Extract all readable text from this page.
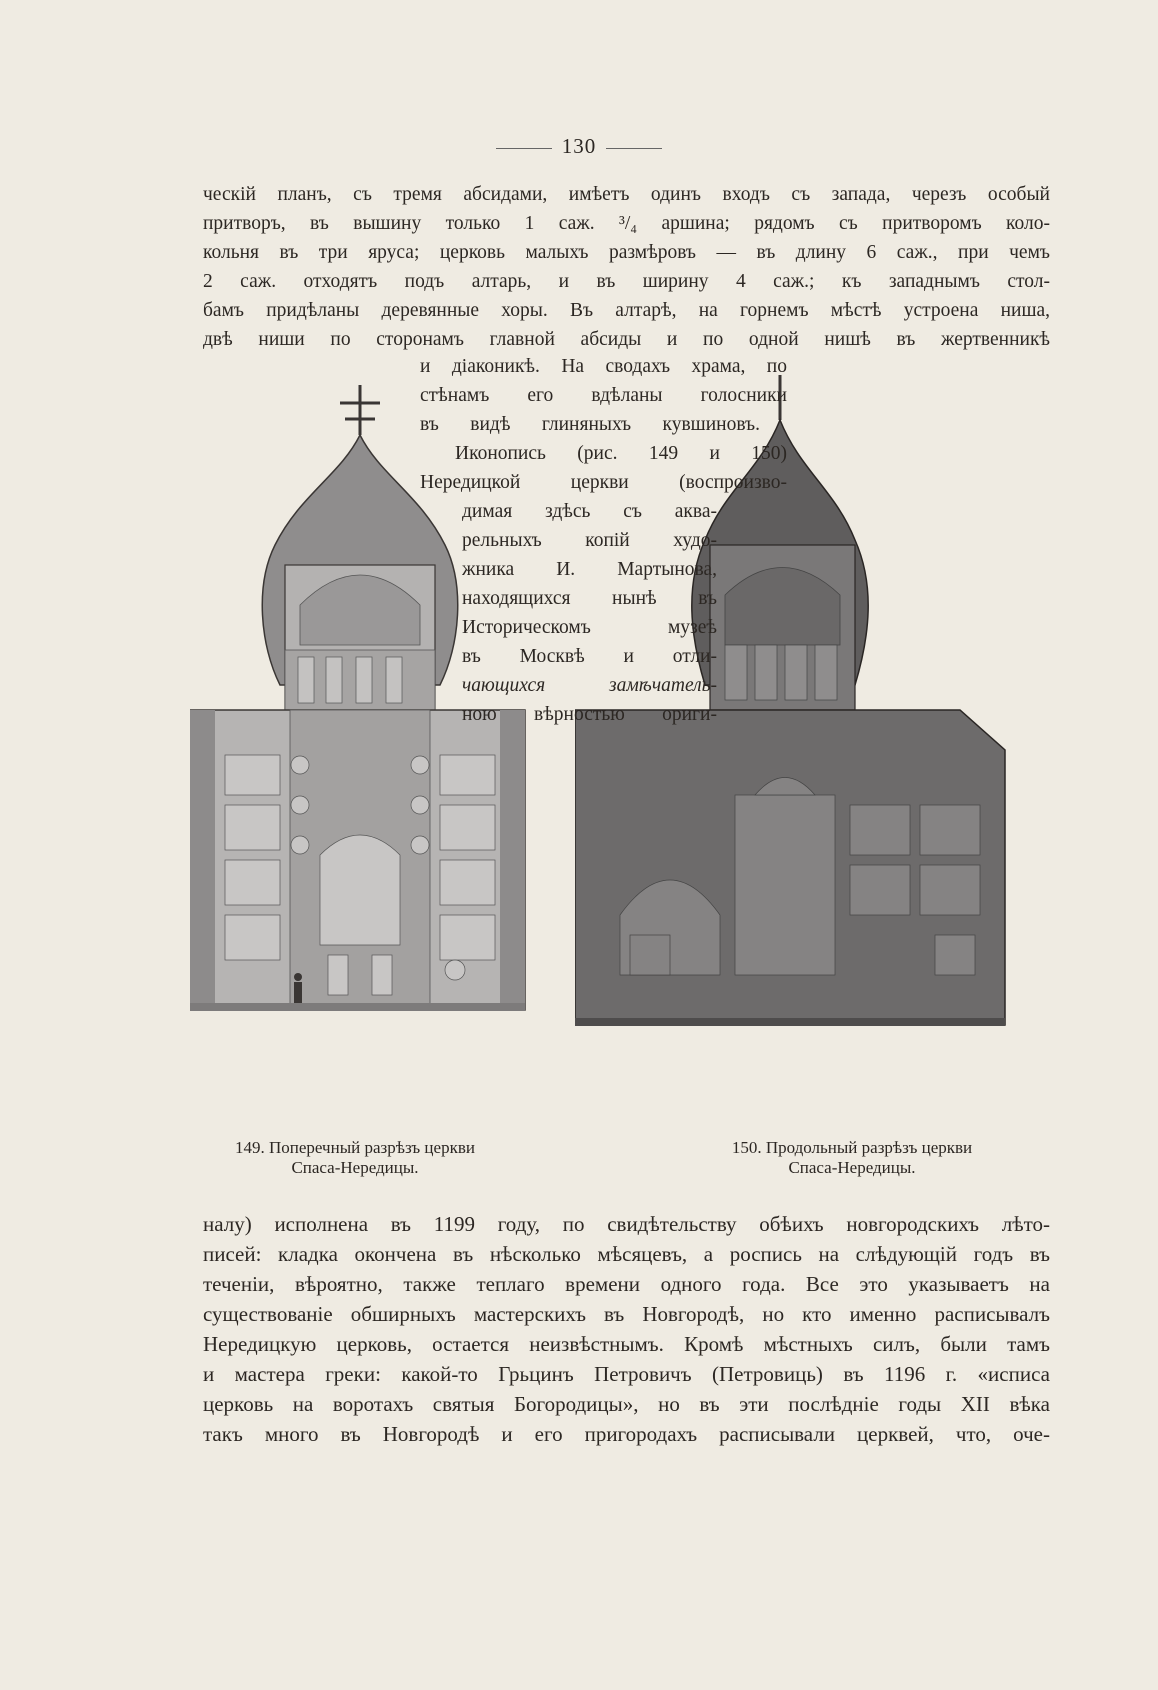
130
ческій планъ, съ тремя абсидами, имѣетъ одинъ входъ съ запада, черезъ особый
притворъ, въ вышину только 1 саж. ³/₄ аршина; рядомъ съ притворомъ коло-
кольня въ три яруса; церковь малыхъ размѣровъ — въ длину 6 саж., при чемъ
2 саж. отходятъ подъ алтарь, и въ ширину 4 саж.; къ западнымъ стол-
бамъ придѣланы деревянные хоры. Въ алтарѣ, на горнемъ мѣстѣ устроена ниша,
двѣ ниши по сторонамъ главной абсиды и по одной нишѣ въ жертвенникѣ
и діаконикѣ. На сводахъ храма, по
стѣнамъ его вдѣланы голосники
въ видѣ глиняныхъ кувшиновъ.
Иконопись (рис. 149 и 150)
Нередицкой церкви (воспроизво-
димая здѣсь съ аква-
рельныхъ копій худо-
жника И. Мартынова,
находящихся нынѣ въ
Историческомъ музеѣ
въ Москвѣ и отли-
чающихся замѣчатель-
ною вѣрностью ориги-
149. Поперечный разрѣзъ церкви
Спаса-Нередицы.
150. Продольный разрѣзъ церкви
Спаса-Нередицы.
налу) исполнена въ 1199 году, по свидѣтельству обѣихъ новгородскихъ лѣто-
писей: кладка окончена въ нѣсколько мѣсяцевъ, а роспись на слѣдующій годъ въ
теченіи, вѣроятно, также теплаго времени одного года. Все это указываетъ на
существованіе обширныхъ мастерскихъ въ Новгородѣ, но кто именно расписывалъ
Нередицкую церковь, остается неизвѣстнымъ. Кромѣ мѣстныхъ силъ, были тамъ
и мастера греки: какой-то Грьцинъ Петровичъ (Петровиць) въ 1196 г. «исписа
церковь на воротахъ святыя Богородицы», но въ эти послѣдніе годы XII вѣка
такъ много въ Новгородѣ и его пригородахъ расписывали церквей, что, оче-
